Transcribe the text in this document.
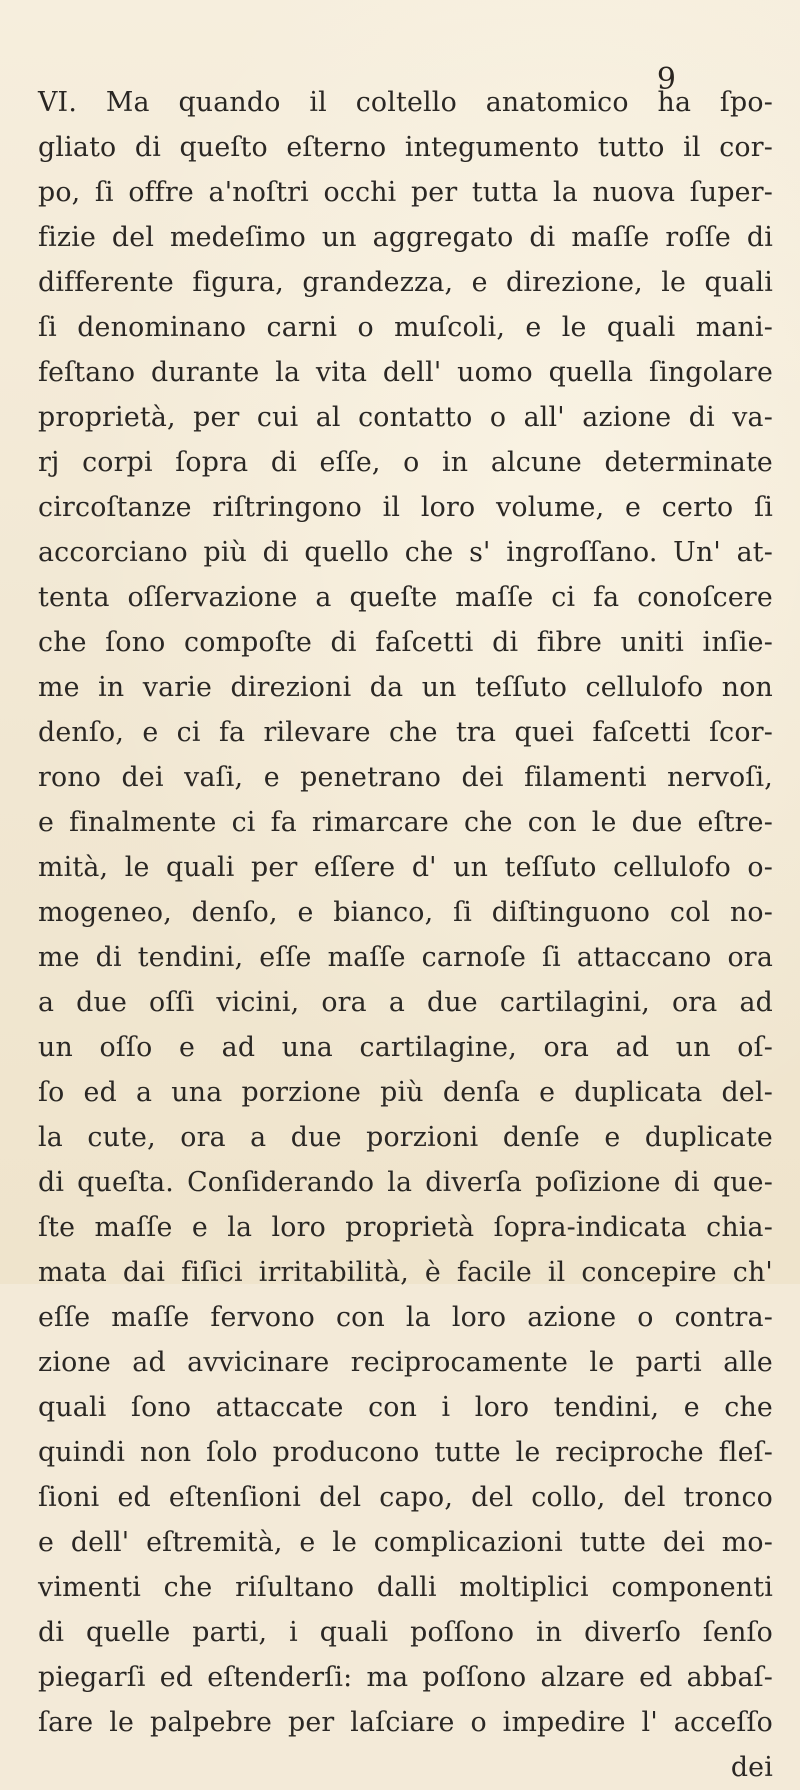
9

VI. Ma quando il coltello anatomico ha ſpo-
gliato di queſto eſterno integumento tutto il cor-
po, ſi offre a'noſtri occhi per tutta la nuova ſuper-
fizie del medeſimo un aggregato di maſſe roſſe di
differente figura, grandezza, e direzione, le quali
ſi denominano carni o muſcoli, e le quali mani-
feſtano durante la vita dell' uomo quella ſingolare
proprietà, per cui al contatto o all' azione di va-
rj corpi ſopra di eſſe, o in alcune determinate
circoſtanze riſtringono il loro volume, e certo ſi
accorciano più di quello che s' ingroſſano. Un' at-
tenta oſſervazione a queſte maſſe ci fa conoſcere
che ſono compoſte di faſcetti di fibre uniti inſie-
me in varie direzioni da un teſſuto cellulofo non
denſo, e ci fa rilevare che tra quei faſcetti ſcor-
rono dei vaſi, e penetrano dei filamenti nervoſi,
e finalmente ci fa rimarcare che con le due eſtre-
mità, le quali per eſſere d' un teſſuto cellulofo o-
mogeneo, denſo, e bianco, ſi diſtinguono col no-
me di tendini, eſſe maſſe carnoſe ſi attaccano ora
a due oſſi vicini, ora a due cartilagini, ora ad
un oſſo e ad una cartilagine, ora ad un oſ-
ſo ed a una porzione più denſa e duplicata del-
la cute, ora a due porzioni denſe e duplicate
di queſta. Conſiderando la diverſa poſizione di que-
ſte maſſe e la loro proprietà ſopra-indicata chia-
mata dai fiſici irritabilità, è facile il concepire ch'
eſſe maſſe fervono con la loro azione o contra-
zione ad avvicinare reciprocamente le parti alle
quali ſono attaccate con i loro tendini, e che
quindi non ſolo producono tutte le reciproche fleſ-
ſioni ed eſtenſioni del capo, del collo, del tronco
e dell' eſtremità, e le complicazioni tutte dei mo-
vimenti che riſultano dalli moltiplici componenti
di quelle parti, i quali poſſono in diverſo ſenſo
piegarſi ed eſtenderſi: ma poſſono alzare ed abbaſ-
ſare le palpebre per laſciare o impedire l' acceſſo
dei
